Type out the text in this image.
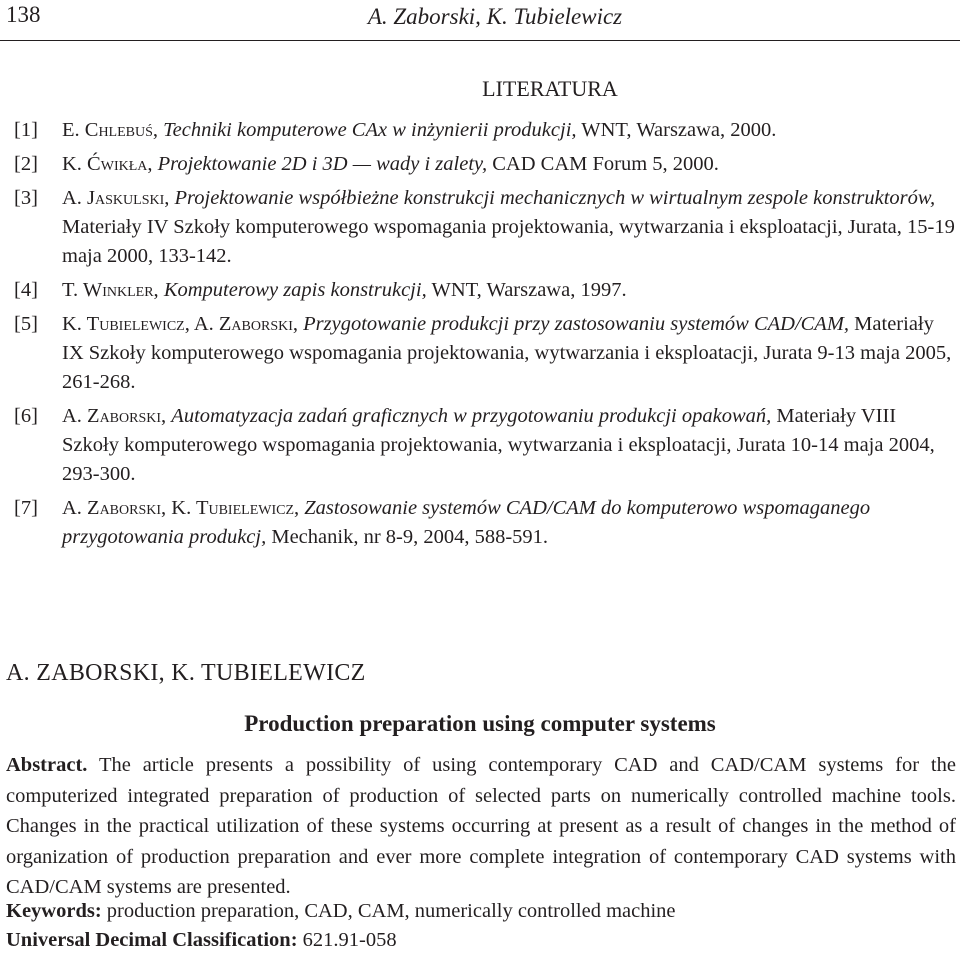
138	A. Zaborski, K. Tubielewicz
LITERATURA
[1] E. Chlebuś, Techniki komputerowe CAx w inżynierii produkcji, WNT, Warszawa, 2000.
[2] K. Ćwikła, Projektowanie 2D i 3D — wady i zalety, CAD CAM Forum 5, 2000.
[3] A. Jaskulski, Projektowanie współbieżne konstrukcji mechanicznych w wirtualnym zespole konstruktorów, Materiały IV Szkoły komputerowego wspomagania projektowania, wytwarzania i eksploatacji, Jurata, 15-19 maja 2000, 133-142.
[4] T. Winkler, Komputerowy zapis konstrukcji, WNT, Warszawa, 1997.
[5] K. Tubielewicz, A. Zaborski, Przygotowanie produkcji przy zastosowaniu systemów CAD/CAM, Materiały IX Szkoły komputerowego wspomagania projektowania, wytwarzania i eksploatacji, Jurata 9-13 maja 2005, 261-268.
[6] A. Zaborski, Automatyzacja zadań graficznych w przygotowaniu produkcji opakowań, Materiały VIII Szkoły komputerowego wspomagania projektowania, wytwarzania i eksploatacji, Jurata 10-14 maja 2004, 293-300.
[7] A. Zaborski, K. Tubielewicz, Zastosowanie systemów CAD/CAM do komputerowo wspomaganego przygotowania produkcj, Mechanik, nr 8-9, 2004, 588-591.
A. ZABORSKI, K. TUBIELEWICZ
Production preparation using computer systems
Abstract. The article presents a possibility of using contemporary CAD and CAD/CAM systems for the computerized integrated preparation of production of selected parts on numerically controlled machine tools. Changes in the practical utilization of these systems occurring at present as a result of changes in the method of organization of production preparation and ever more complete integration of contemporary CAD systems with CAD/CAM systems are presented.
Keywords: production preparation, CAD, CAM, numerically controlled machine
Universal Decimal Classification: 621.91-058
